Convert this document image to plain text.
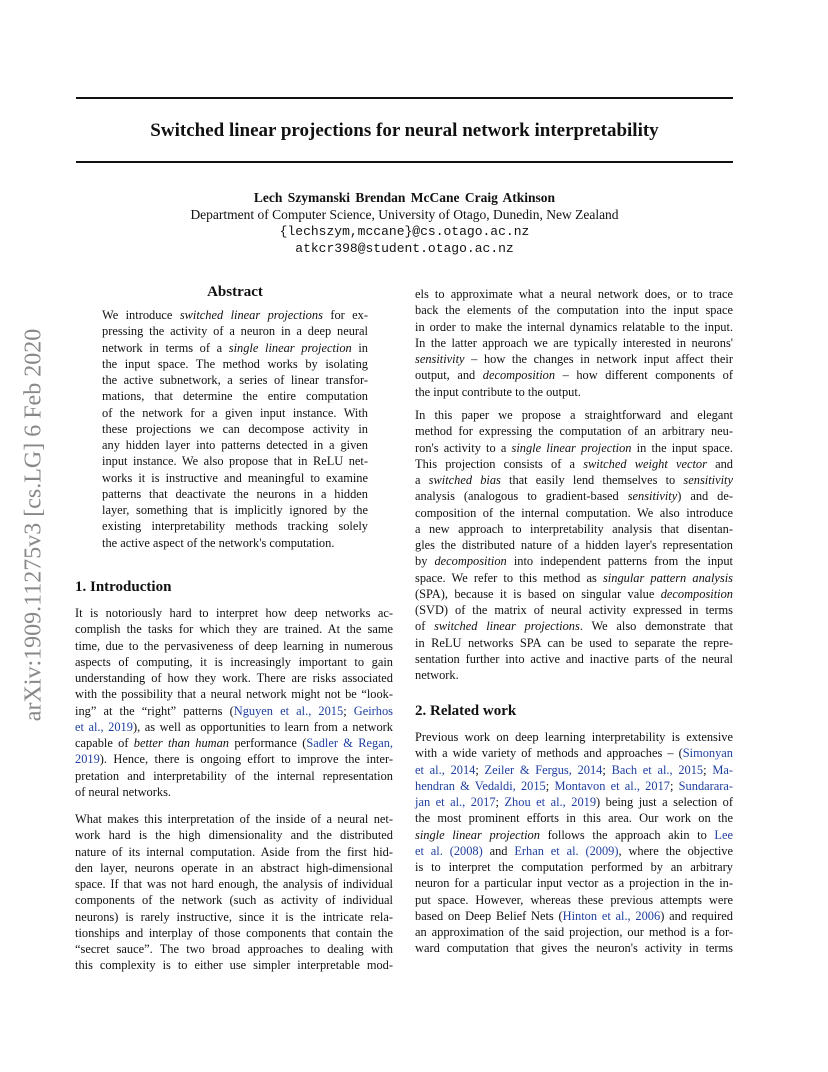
Switched linear projections for neural network interpretability
Lech Szymanski Brendan McCane Craig Atkinson
Department of Computer Science, University of Otago, Dunedin, New Zealand
{lechszym,mccane}@cs.otago.ac.nz
atkcr398@student.otago.ac.nz
arXiv:1909.11275v3 [cs.LG] 6 Feb 2020
Abstract
We introduce switched linear projections for ex-
pressing the activity of a neuron in a deep neural
network in terms of a single linear projection in
the input space. The method works by isolating
the active subnetwork, a series of linear transfor-
mations, that determine the entire computation
of the network for a given input instance. With
these projections we can decompose activity in
any hidden layer into patterns detected in a given
input instance. We also propose that in ReLU net-
works it is instructive and meaningful to examine
patterns that deactivate the neurons in a hidden
layer, something that is implicitly ignored by the
existing interpretability methods tracking solely
the active aspect of the network's computation.
1. Introduction
It is notoriously hard to interpret how deep networks ac-
complish the tasks for which they are trained. At the same
time, due to the pervasiveness of deep learning in numerous
aspects of computing, it is increasingly important to gain
understanding of how they work. There are risks associated
with the possibility that a neural network might not be “look-
ing” at the “right” patterns (Nguyen et al., 2015; Geirhos
et al., 2019), as well as opportunities to learn from a network
capable of better than human performance (Sadler & Regan,
2019). Hence, there is ongoing effort to improve the inter-
pretation and interpretability of the internal representation
of neural networks.
What makes this interpretation of the inside of a neural net-
work hard is the high dimensionality and the distributed
nature of its internal computation. Aside from the first hid-
den layer, neurons operate in an abstract high-dimensional
space. If that was not hard enough, the analysis of individual
components of the network (such as activity of individual
neurons) is rarely instructive, since it is the intricate rela-
tionships and interplay of those components that contain the
“secret sauce”. The two broad approaches to dealing with
this complexity is to either use simpler interpretable mod-
els to approximate what a neural network does, or to trace
back the elements of the computation into the input space
in order to make the internal dynamics relatable to the input.
In the latter approach we are typically interested in neurons'
sensitivity – how the changes in network input affect their
output, and decomposition – how different components of
the input contribute to the output.
In this paper we propose a straightforward and elegant
method for expressing the computation of an arbitrary neu-
ron's activity to a single linear projection in the input space.
This projection consists of a switched weight vector and
a switched bias that easily lend themselves to sensitivity
analysis (analogous to gradient-based sensitivity) and de-
composition of the internal computation. We also introduce
a new approach to interpretability analysis that disentan-
gles the distributed nature of a hidden layer's representation
by decomposition into independent patterns from the input
space. We refer to this method as singular pattern analysis
(SPA), because it is based on singular value decomposition
(SVD) of the matrix of neural activity expressed in terms
of switched linear projections. We also demonstrate that
in ReLU networks SPA can be used to separate the repre-
sentation further into active and inactive parts of the neural
network.
2. Related work
Previous work on deep learning interpretability is extensive
with a wide variety of methods and approaches – (Simonyan
et al., 2014; Zeiler & Fergus, 2014; Bach et al., 2015; Ma-
hendran & Vedaldi, 2015; Montavon et al., 2017; Sundarara-
jan et al., 2017; Zhou et al., 2019) being just a selection of
the most prominent efforts in this area. Our work on the
single linear projection follows the approach akin to Lee
et al. (2008) and Erhan et al. (2009), where the objective
is to interpret the computation performed by an arbitrary
neuron for a particular input vector as a projection in the in-
put space. However, whereas these previous attempts were
based on Deep Belief Nets (Hinton et al., 2006) and required
an approximation of the said projection, our method is a for-
ward computation that gives the neuron's activity in terms
